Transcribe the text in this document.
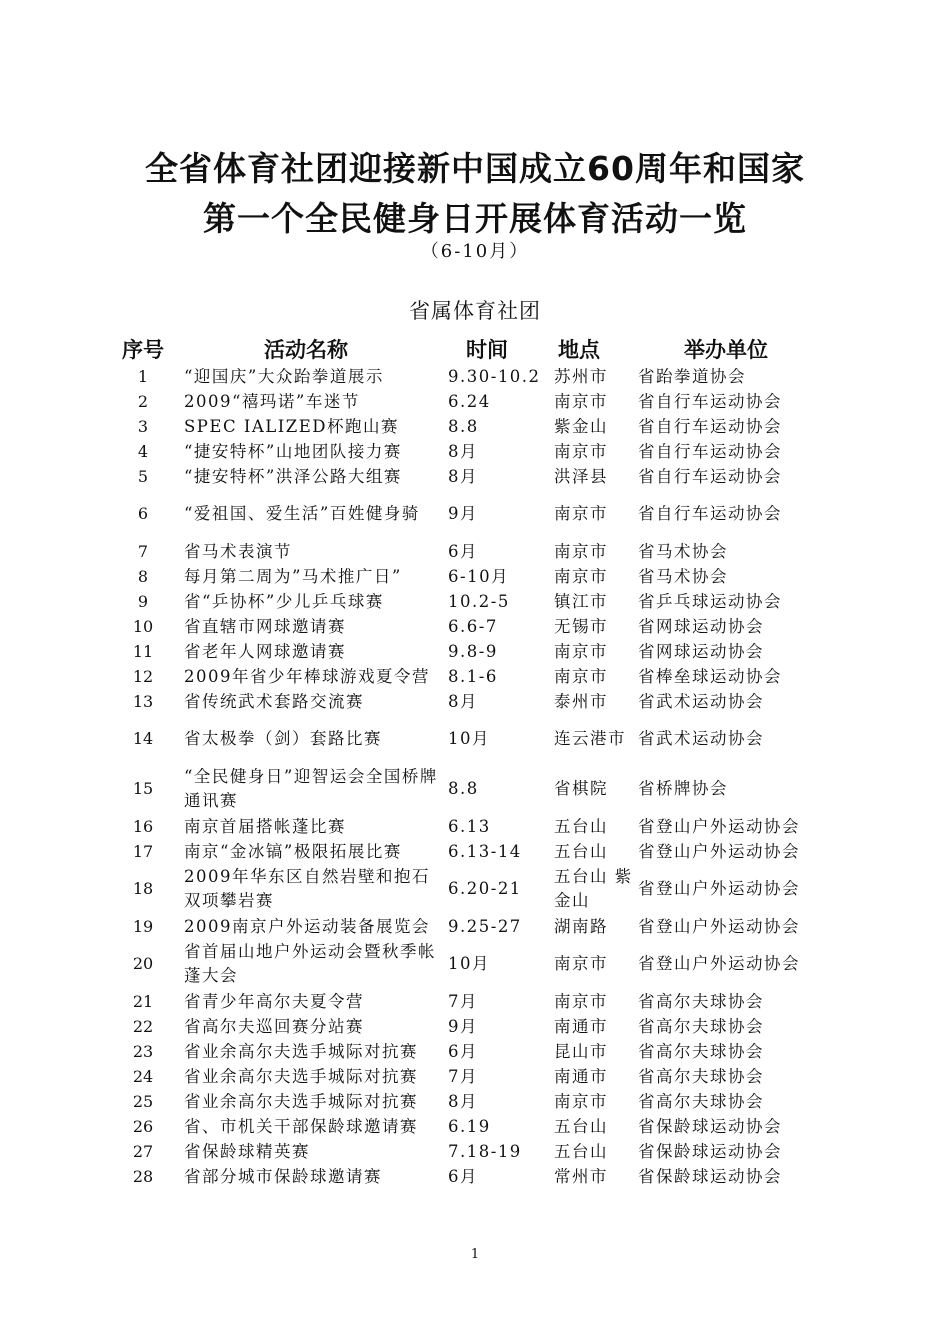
全省体育社团迎接新中国成立60周年和国家
第一个全民健身日开展体育活动一览
（6-10月）
省属体育社团
序号	活动名称	时间	地点	举办单位
1	“迎国庆”大众跆拳道展示	9.30-10.2	苏州市	省跆拳道协会
2	2009“禧玛诺”车迷节	6.24	南京市	省自行车运动协会
3	SPEC IALIZED杯跑山赛	8.8	紫金山	省自行车运动协会
4	“捷安特杯”山地团队接力赛	8月	南京市	省自行车运动协会
5	“捷安特杯”洪泽公路大组赛	8月	洪泽县	省自行车运动协会
6	“爱祖国、爱生活”百姓健身骑	9月	南京市	省自行车运动协会
7	省马术表演节	6月	南京市	省马术协会
8	每月第二周为”马术推广日”	6-10月	南京市	省马术协会
9	省“乒协杯”少儿乒乓球赛	10.2-5	镇江市	省乒乓球运动协会
10	省直辖市网球邀请赛	6.6-7	无锡市	省网球运动协会
11	省老年人网球邀请赛	9.8-9	南京市	省网球运动协会
12	2009年省少年棒球游戏夏令营	8.1-6	南京市	省棒垒球运动协会
13	省传统武术套路交流赛	8月	泰州市	省武术运动协会
14	省太极拳（剑）套路比赛	10月	连云港市	省武术运动协会
15	“全民健身日”迎智运会全国桥牌通讯赛	8.8	省棋院	省桥牌协会
16	南京首届搭帐蓬比赛	6.13	五台山	省登山户外运动协会
17	南京“金冰镐”极限拓展比赛	6.13-14	五台山	省登山户外运动协会
18	2009年华东区自然岩壁和抱石双项攀岩赛	6.20-21	五台山 紫金山	省登山户外运动协会
19	2009南京户外运动装备展览会	9.25-27	湖南路	省登山户外运动协会
20	省首届山地户外运动会暨秋季帐蓬大会	10月	南京市	省登山户外运动协会
21	省青少年高尔夫夏令营	7月	南京市	省高尔夫球协会
22	省高尔夫巡回赛分站赛	9月	南通市	省高尔夫球协会
23	省业余高尔夫选手城际对抗赛	6月	昆山市	省高尔夫球协会
24	省业余高尔夫选手城际对抗赛	7月	南通市	省高尔夫球协会
25	省业余高尔夫选手城际对抗赛	8月	南京市	省高尔夫球协会
26	省、市机关干部保龄球邀请赛	6.19	五台山	省保龄球运动协会
27	省保龄球精英赛	7.18-19	五台山	省保龄球运动协会
28	省部分城市保龄球邀请赛	6月	常州市	省保龄球运动协会
1
